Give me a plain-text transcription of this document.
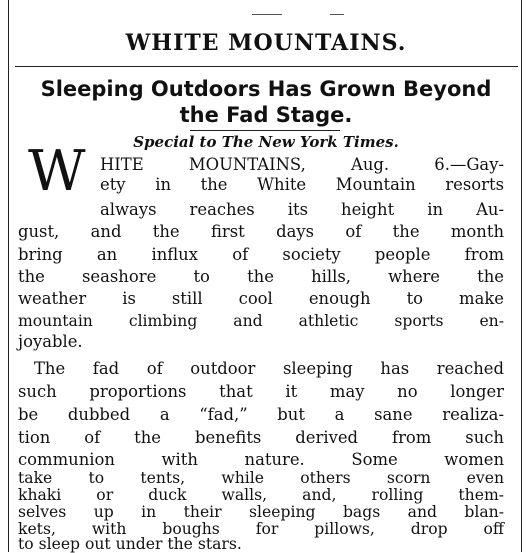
WHITE MOUNTAINS.
Sleeping Outdoors Has Grown Beyond the Fad Stage.
Special to The New York Times.
W HITE MOUNTAINS, Aug. 6.—Gay-
ety in the White Mountain resorts
always reaches its height in Au-
gust, and the first days of the month
bring an influx of society people from
the seashore to the hills, where the
weather is still cool enough to make
mountain climbing and athletic sports en-
joyable.
The fad of outdoor sleeping has reached
such proportions that it may no longer
be dubbed a “fad,” but a sane realiza-
tion of the benefits derived from such
communion with nature. Some women
take to tents, while others scorn even
khaki or duck walls, and, rolling them-
selves up in their sleeping bags and blan-
kets, with boughs for pillows, drop off
to sleep out under the stars.
